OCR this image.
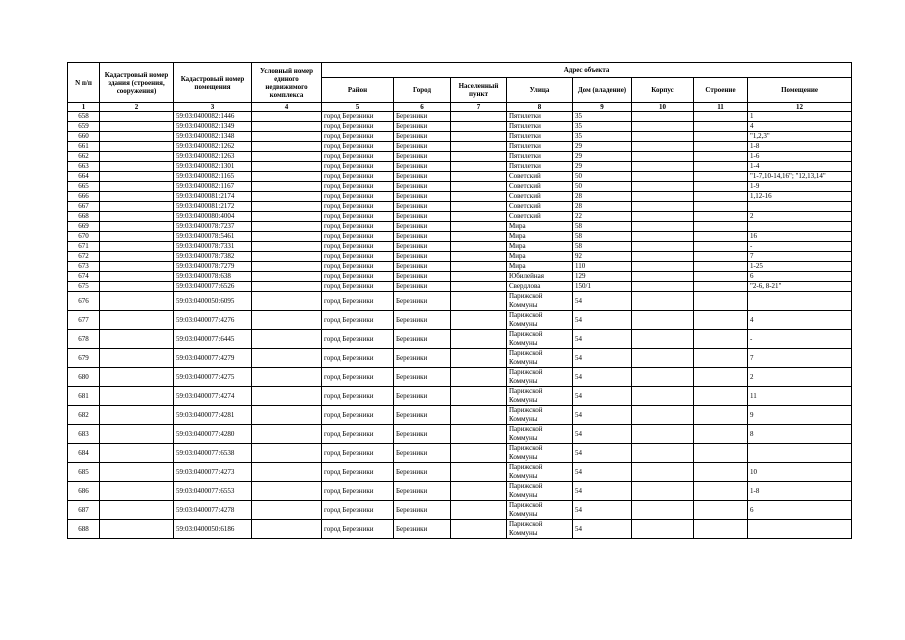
N п/п	Кадастровый номер здания (строения, сооружения)	Кадастровый номер помещения	Условный номер единого недвижимого комплекса	Адрес объекта							
				Район	Город	Населенный пункт	Улица	Дом (владение)	Корпус	Строение	Помещение
1	2	3	4	5	6	7	8	9	10	11	12
658		59:03:0400082:1446		город Березники	Березники		Пятилетки	35			1
659		59:03:0400082:1349		город Березники	Березники		Пятилетки	35			4
660		59:03:0400082:1348		город Березники	Березники		Пятилетки	35			"1,2,3"
661		59:03:0400082:1262		город Березники	Березники		Пятилетки	29			1-8
662		59:03:0400082:1263		город Березники	Березники		Пятилетки	29			1-6
663		59:03:0400082:1301		город Березники	Березники		Пятилетки	29			1-4
664		59:03:0400082:1165		город Березники	Березники		Советский	50			"1-7,10-14,16"; "12,13,14"
665		59:03:0400082:1167		город Березники	Березники		Советский	50			1-9
666		59:03:0400081:2174		город Березники	Березники		Советский	28			1,12-16
667		59:03:0400081:2172		город Березники	Березники		Советский	28			
668		59:03:0400080:4004		город Березники	Березники		Советский	22			2
669		59:03:0400078:7237		город Березники	Березники		Мира	58			
670		59:03:0400078:5461		город Березники	Березники		Мира	58			16
671		59:03:0400078:7331		город Березники	Березники		Мира	58			-
672		59:03:0400078:7382		город Березники	Березники		Мира	92			7
673		59:03:0400078:7279		город Березники	Березники		Мира	110			1-25
674		59:03:0400078:638		город Березники	Березники		Юбилейная	129			6
675		59:03:0400077:6526		город Березники	Березники		Свердлова	150/1			"2-6, 8-21"
676		59:03:0400050:6095		город Березники	Березники		Парижской Коммуны	54			
677		59:03:0400077:4276		город Березники	Березники		Парижской Коммуны	54			4
678		59:03:0400077:6445		город Березники	Березники		Парижской Коммуны	54			-
679		59:03:0400077:4279		город Березники	Березники		Парижской Коммуны	54			7
680		59:03:0400077:4275		город Березники	Березники		Парижской Коммуны	54			2
681		59:03:0400077:4274		город Березники	Березники		Парижской Коммуны	54			11
682		59:03:0400077:4281		город Березники	Березники		Парижской Коммуны	54			9
683		59:03:0400077:4280		город Березники	Березники		Парижской Коммуны	54			8
684		59:03:0400077:6538		город Березники	Березники		Парижской Коммуны	54			
685		59:03:0400077:4273		город Березники	Березники		Парижской Коммуны	54			10
686		59:03:0400077:6553		город Березники	Березники		Парижской Коммуны	54			1-8
687		59:03:0400077:4278		город Березники	Березники		Парижской Коммуны	54			6
688		59:03:0400050:6186		город Березники	Березники		Парижской Коммуны	54			
